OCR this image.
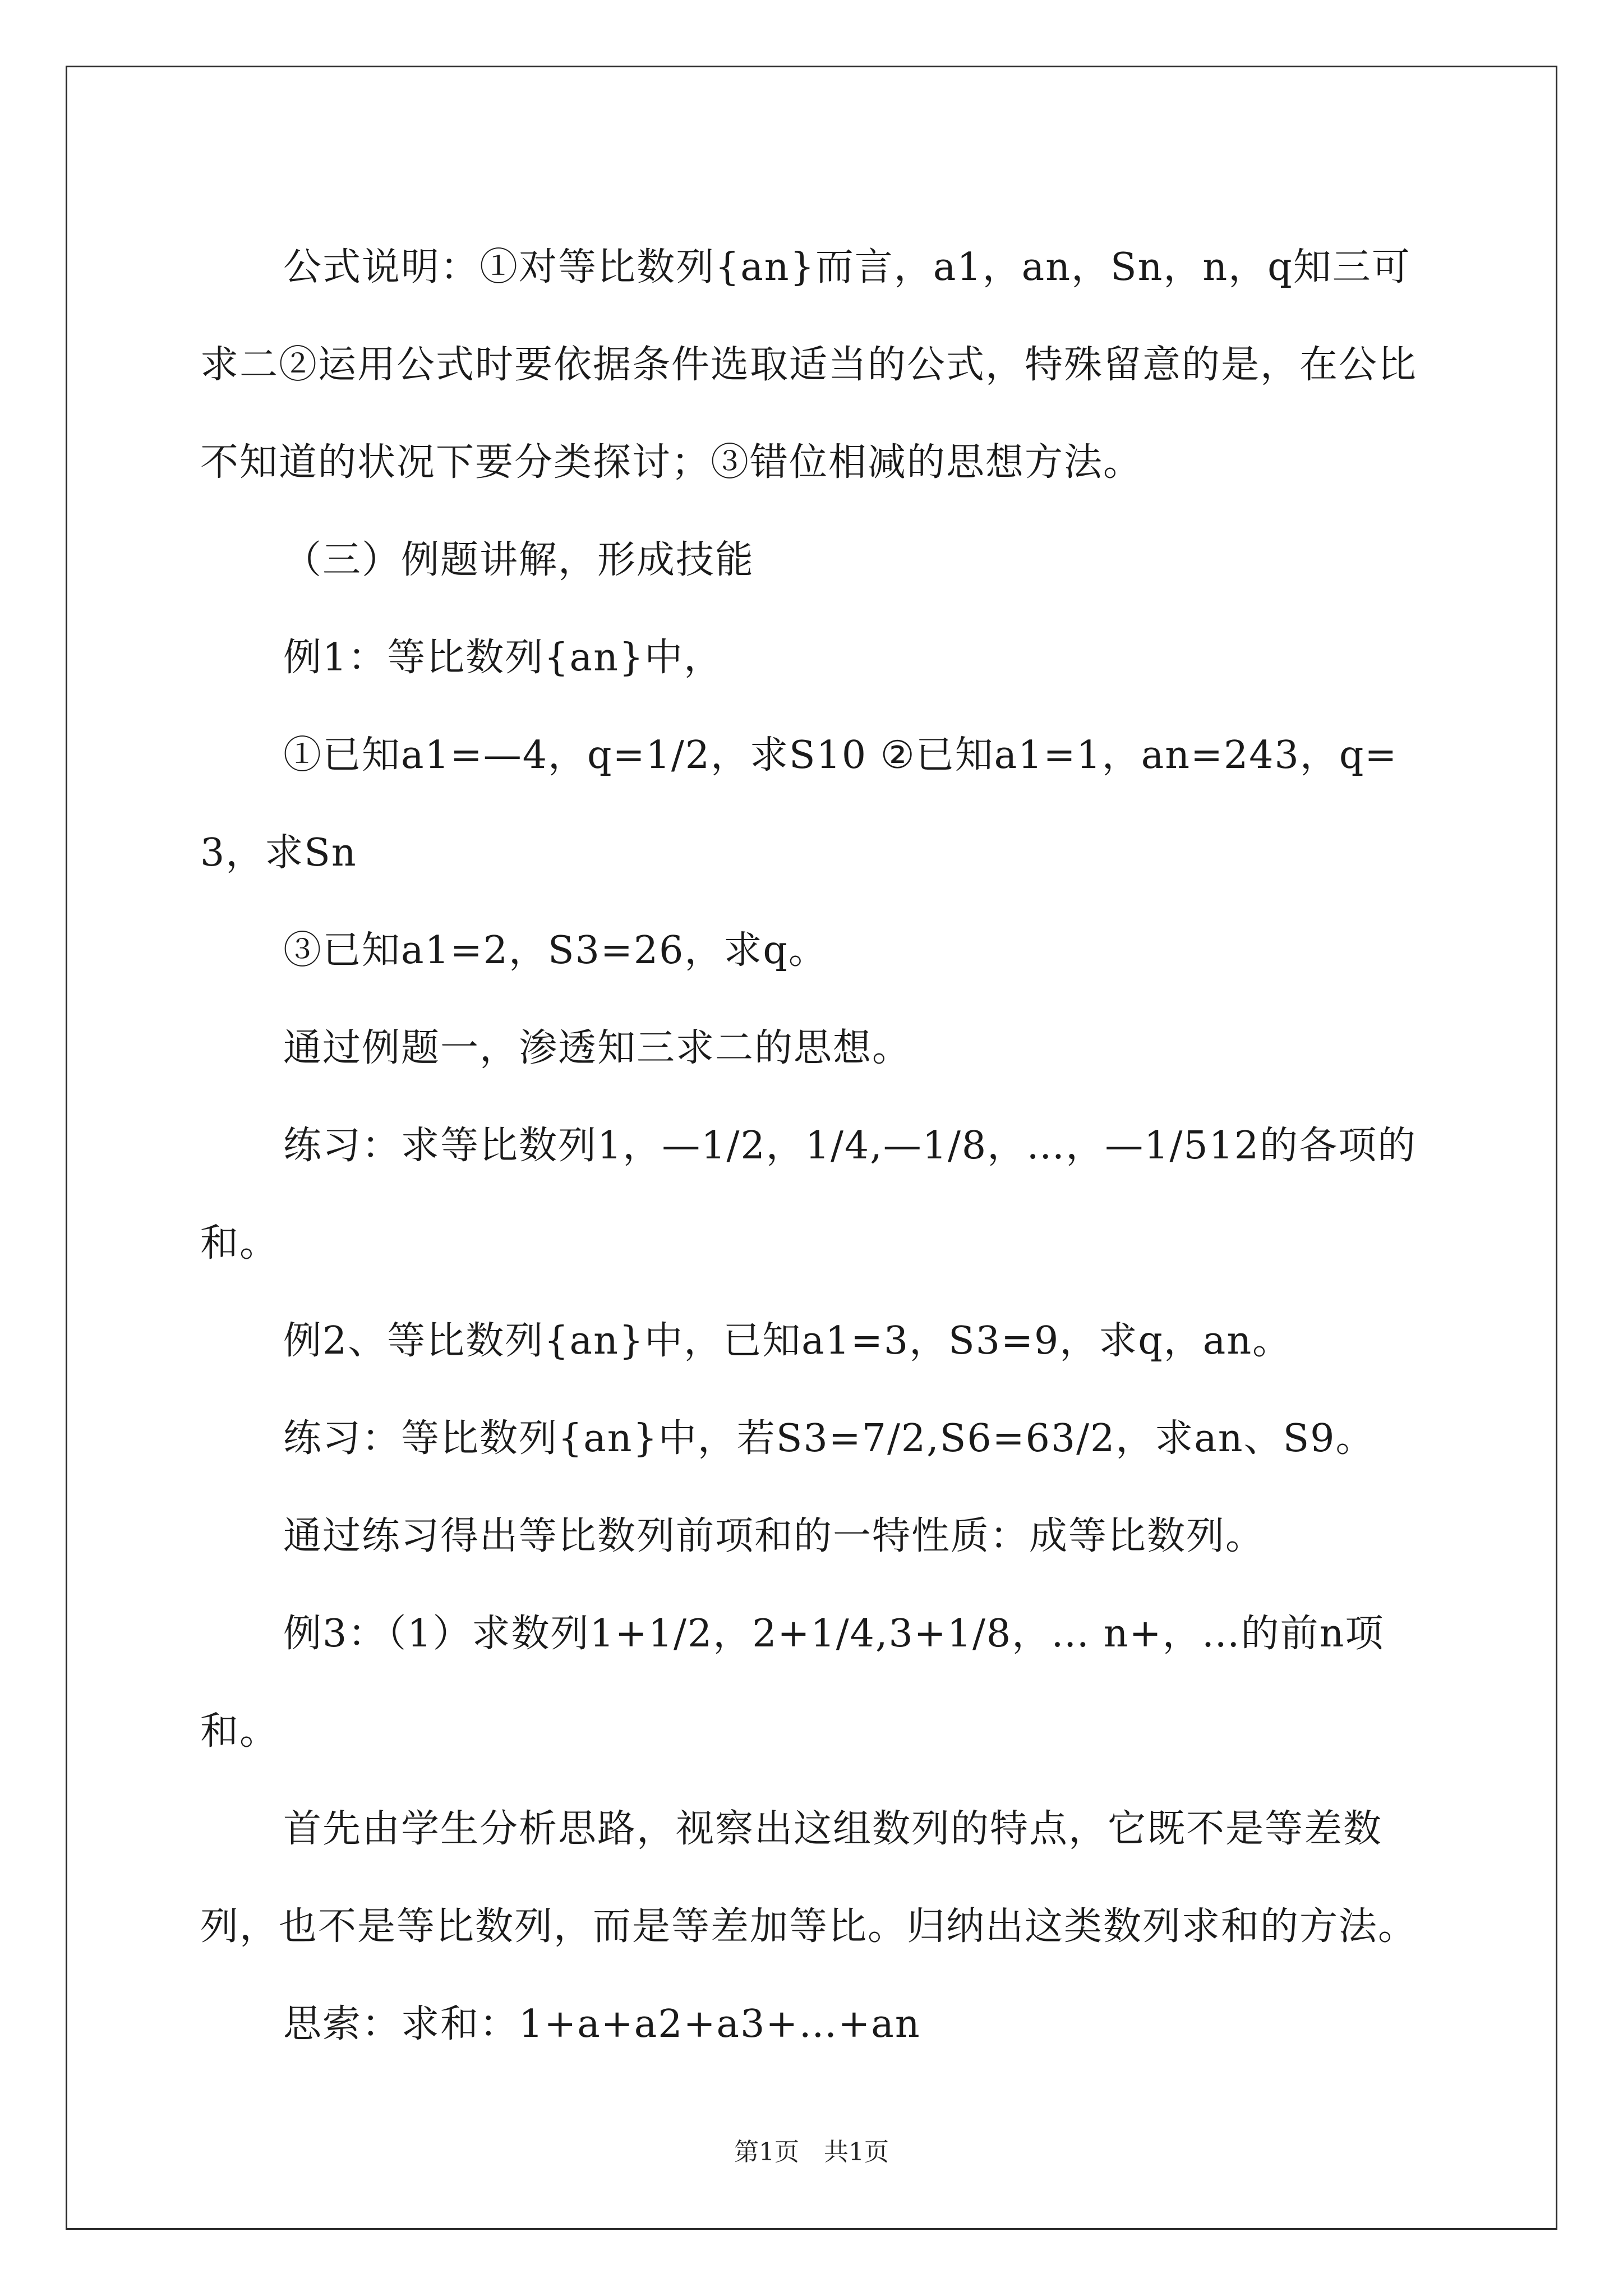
公式说明：①对等比数列{an}而言，a1，an，Sn，n，q知三可求二②运用公式时要依据条件选取适当的公式，特殊留意的是，在公比不知道的状况下要分类探讨；③错位相减的思想方法。

（三）例题讲解，形成技能

例1：等比数列{an}中，

①已知a1=—4，q=1/2，求S10 ②已知a1=1，an=243，q=3，求Sn

③已知a1=2，S3=26，求q。

通过例题一，渗透知三求二的思想。

练习：求等比数列1，—1/2，1/4,—1/8，…，—1/512的各项的和。

例2、等比数列{an}中，已知a1=3，S3=9，求q，an。

练习：等比数列{an}中，若S3=7/2,S6=63/2，求an、S9。

通过练习得出等比数列前项和的一特性质：成等比数列。

例3：（1）求数列1+1/2，2+1/4,3+1/8，… n+，…的前n项和。

首先由学生分析思路，视察出这组数列的特点，它既不是等差数列，也不是等比数列，而是等差加等比。归纳出这类数列求和的方法。

思索：求和：1+a+a2+a3+…+an

第1页　共1页
